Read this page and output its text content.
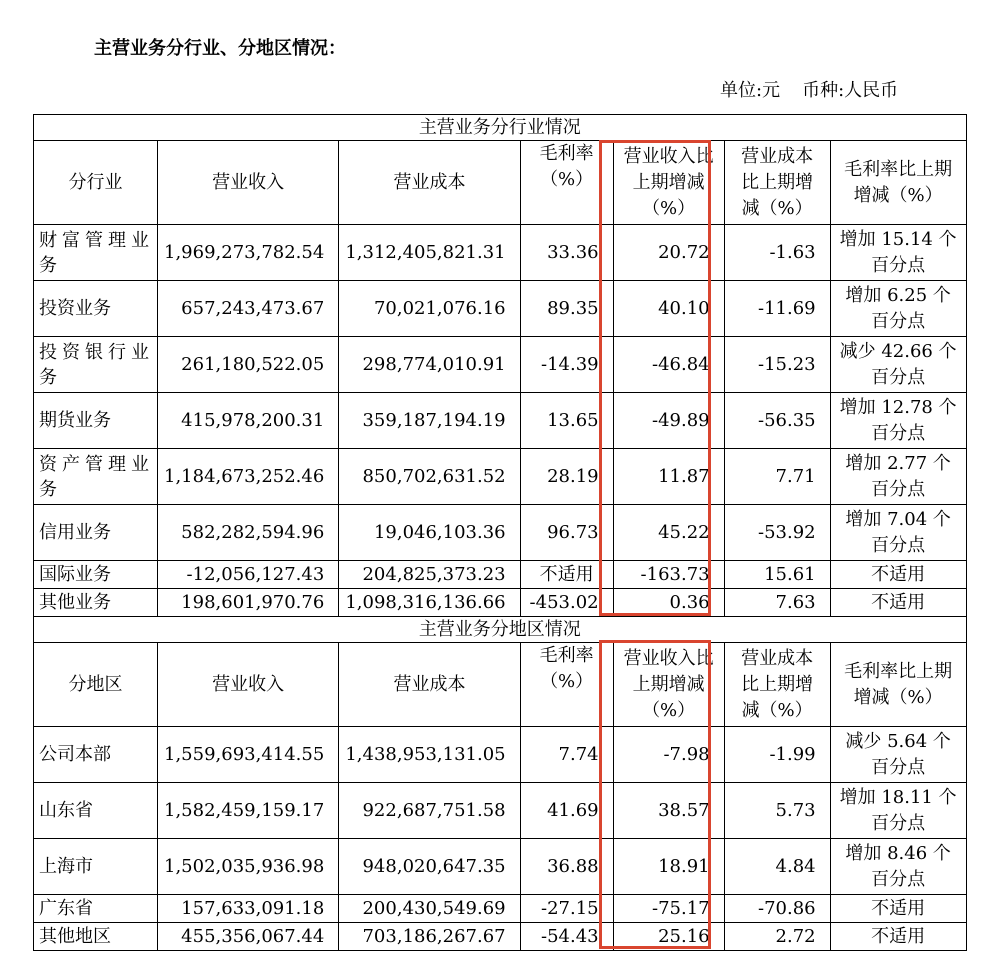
主营业务分行业、分地区情况：
单位:元 币种:人民币
主营业务分行业情况						
分行业	营业收入	营业成本	毛利率（%）	营业收入比上期增减（%）	营业成本比上期增减（%）	毛利率比上期增减（%）
财富管理业务	1,969,273,782.54	1,312,405,821.31	33.36	20.72	-1.63	增加 15.14 个百分点
投资业务	657,243,473.67	70,021,076.16	89.35	40.10	-11.69	增加 6.25 个百分点
投资银行业务	261,180,522.05	298,774,010.91	-14.39	-46.84	-15.23	减少 42.66 个百分点
期货业务	415,978,200.31	359,187,194.19	13.65	-49.89	-56.35	增加 12.78 个百分点
资产管理业务	1,184,673,252.46	850,702,631.52	28.19	11.87	7.71	增加 2.77 个百分点
信用业务	582,282,594.96	19,046,103.36	96.73	45.22	-53.92	增加 7.04 个百分点
国际业务	-12,056,127.43	204,825,373.23	不适用	-163.73	15.61	不适用
其他业务	198,601,970.76	1,098,316,136.66	-453.02	0.36	7.63	不适用
主营业务分地区情况						
分地区	营业收入	营业成本	毛利率（%）	营业收入比上期增减（%）	营业成本比上期增减（%）	毛利率比上期增减（%）
公司本部	1,559,693,414.55	1,438,953,131.05	7.74	-7.98	-1.99	减少 5.64 个百分点
山东省	1,582,459,159.17	922,687,751.58	41.69	38.57	5.73	增加 18.11 个百分点
上海市	1,502,035,936.98	948,020,647.35	36.88	18.91	4.84	增加 8.46 个百分点
广东省	157,633,091.18	200,430,549.69	-27.15	-75.17	-70.86	不适用
其他地区	455,356,067.44	703,186,267.67	-54.43	25.16	2.72	不适用
